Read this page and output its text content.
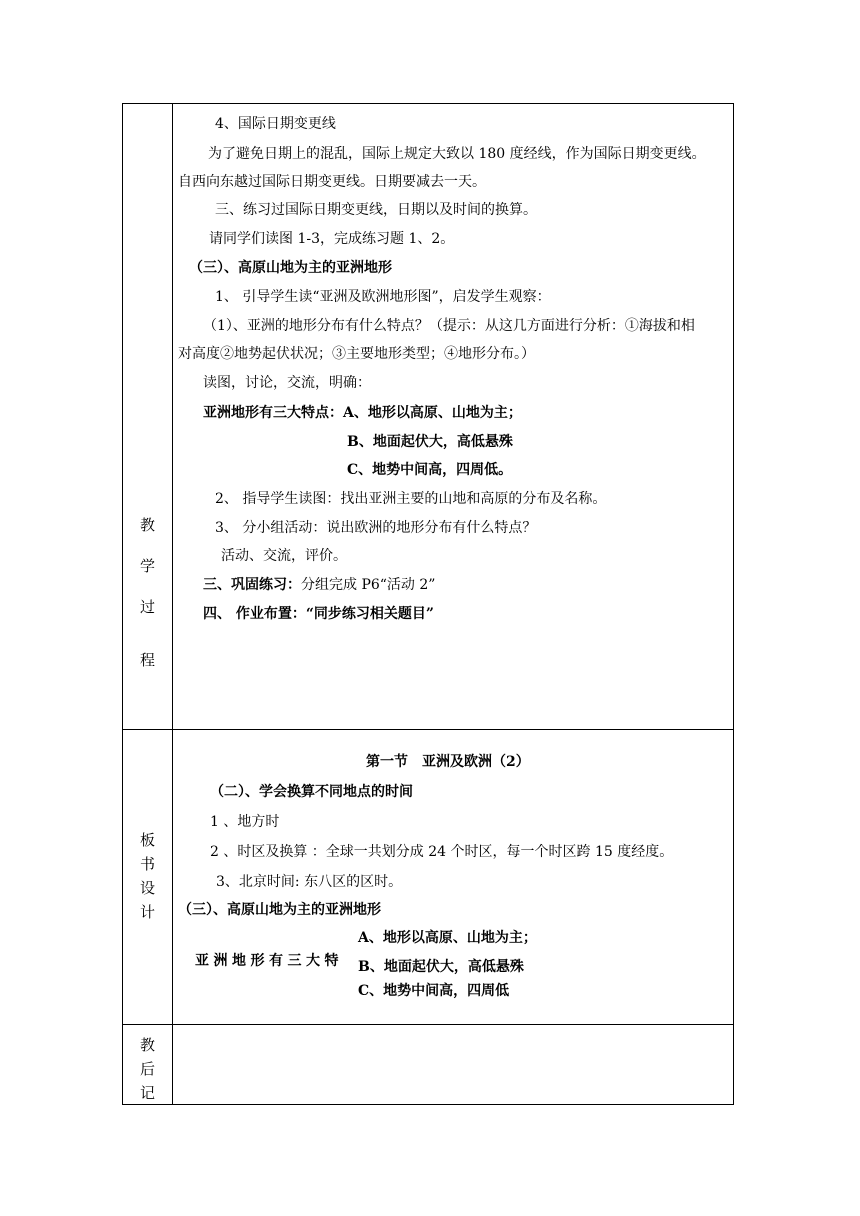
教
学
过
程
4、国际日期变更线
为了避免日期上的混乱，国际上规定大致以 180 度经线，作为国际日期变更线。
自西向东越过国际日期变更线。日期要减去一天。
三、练习过国际日期变更线，日期以及时间的换算。
请同学们读图 1-3，完成练习题 1、2。
（三）、高原山地为主的亚洲地形
1、 引导学生读“亚洲及欧洲地形图”，启发学生观察：
（1）、亚洲的地形分布有什么特点？（提示：从这几方面进行分析：①海拔和相
对高度②地势起伏状况；③主要地形类型；④地形分布。）
读图，讨论，交流，明确：
亚洲地形有三大特点：A、地形以高原、山地为主；
B、地面起伏大，高低悬殊
C、地势中间高，四周低。
2、 指导学生读图：找出亚洲主要的山地和高原的分布及名称。
3、 分小组活动：说出欧洲的地形分布有什么特点？
活动、交流，评价。
三、巩固练习：分组完成 P6“活动 2”
四、 作业布置：“同步练习相关题目”
板
书
设
计
第一节　亚洲及欧洲（2）
（二）、学会换算不同地点的时间
1 、地方时
2 、时区及换算 ：全球一共划分成 24 个时区，每一个时区跨 15 度经度。
3、北京时间: 东八区的区时。
（三）、高原山地为主的亚洲地形
亚洲地形有三大特
A、地形以高原、山地为主；
B、地面起伏大，高低悬殊
C、地势中间高，四周低
教
后
记
